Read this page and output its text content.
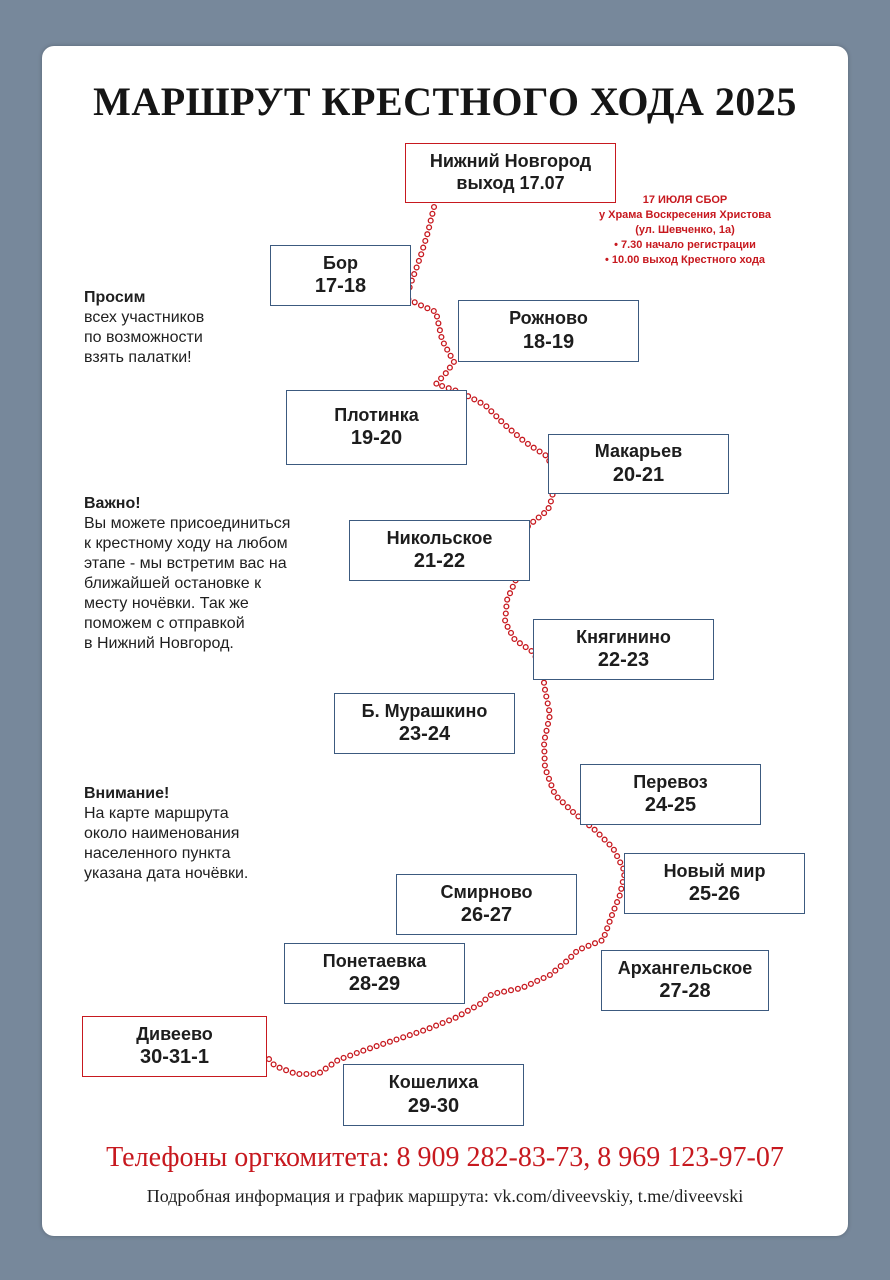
МАРШРУТ КРЕСТНОГО ХОДА 2025
Нижний Новгород
выход 17.07
Бор
17-18
Рожново
18-19
Плотинка
19-20
Макарьев
20-21
Никольское
21-22
Княгинино
22-23
Б. Мурашкино
23-24
Перевоз
24-25
Новый мир
25-26
Смирново
26-27
Архангельское
27-28
Понетаевка
28-29
Кошелиха
29-30
Дивеево
30-31-1
17 ИЮЛЯ СБОР
у Храма Воскресения Христова
(ул. Шевченко, 1а)
• 7.30 начало регистрации
• 10.00 выход Крестного хода
Просим
всех участников
по возможности
взять палатки!
Важно!
Вы можете присоединиться
к крестному ходу на любом
этапе - мы встретим вас на
ближайшей остановке к
месту ночёвки. Так же
поможем с отправкой
в Нижний Новгород.
Внимание!
На карте маршрута
около наименования
населенного пункта
указана дата ночёвки.
Телефоны оргкомитета: 8 909 282-83-73, 8 969 123-97-07
Подробная информация и график маршрута: vk.com/diveevskiy, t.me/diveevski
